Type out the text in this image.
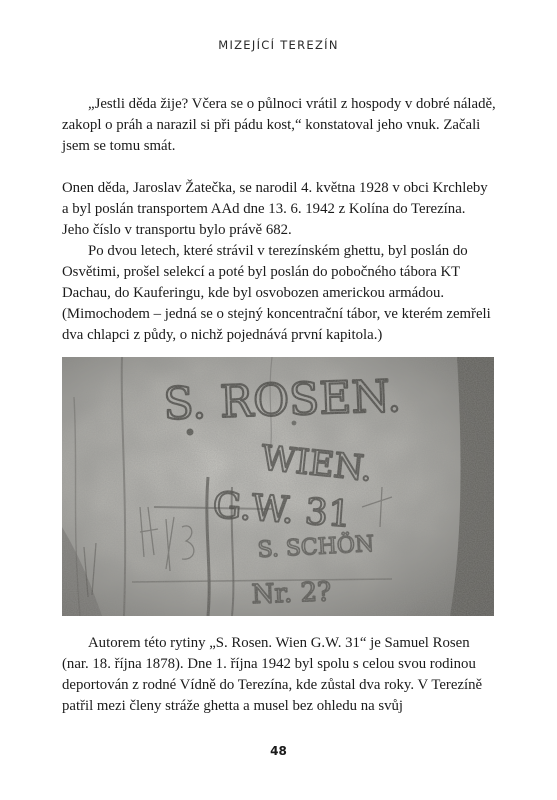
MIZEJÍCÍ TEREZÍN

„Jestli děda žije? Včera se o půlnoci vrátil z hospody v dobré náladě, zakopl o práh a narazil si při pádu kost,“ konstatoval jeho vnuk. Začali jsem se tomu smát.

Onen děda, Jaroslav Žatečka, se narodil 4. května 1928 v obci Krchleby a byl poslán transportem AAd dne 13. 6. 1942 z Kolína do Terezína. Jeho číslo v transportu bylo právě 682.

Po dvou letech, které strávil v terezínském ghettu, byl poslán do Osvětimi, prošel selekcí a poté byl poslán do pobočného tábora KT Dachau, do Kauferingu, kde byl osvobozen americkou armádou. (Mimochodem – jedná se o stejný koncentrační tábor, ve kterém zemřeli dva chlapci z půdy, o nichž pojednává první kapitola.)

Autorem této rytiny „S. Rosen. Wien G.W. 31“ je Samuel Rosen (nar. 18. října 1878). Dne 1. října 1942 byl spolu s celou svou rodinou deportován z rodné Vídně do Terezína, kde zůstal dva roky. V Terezíně patřil mezi členy stráže ghetta a musel bez ohledu na svůj

48
